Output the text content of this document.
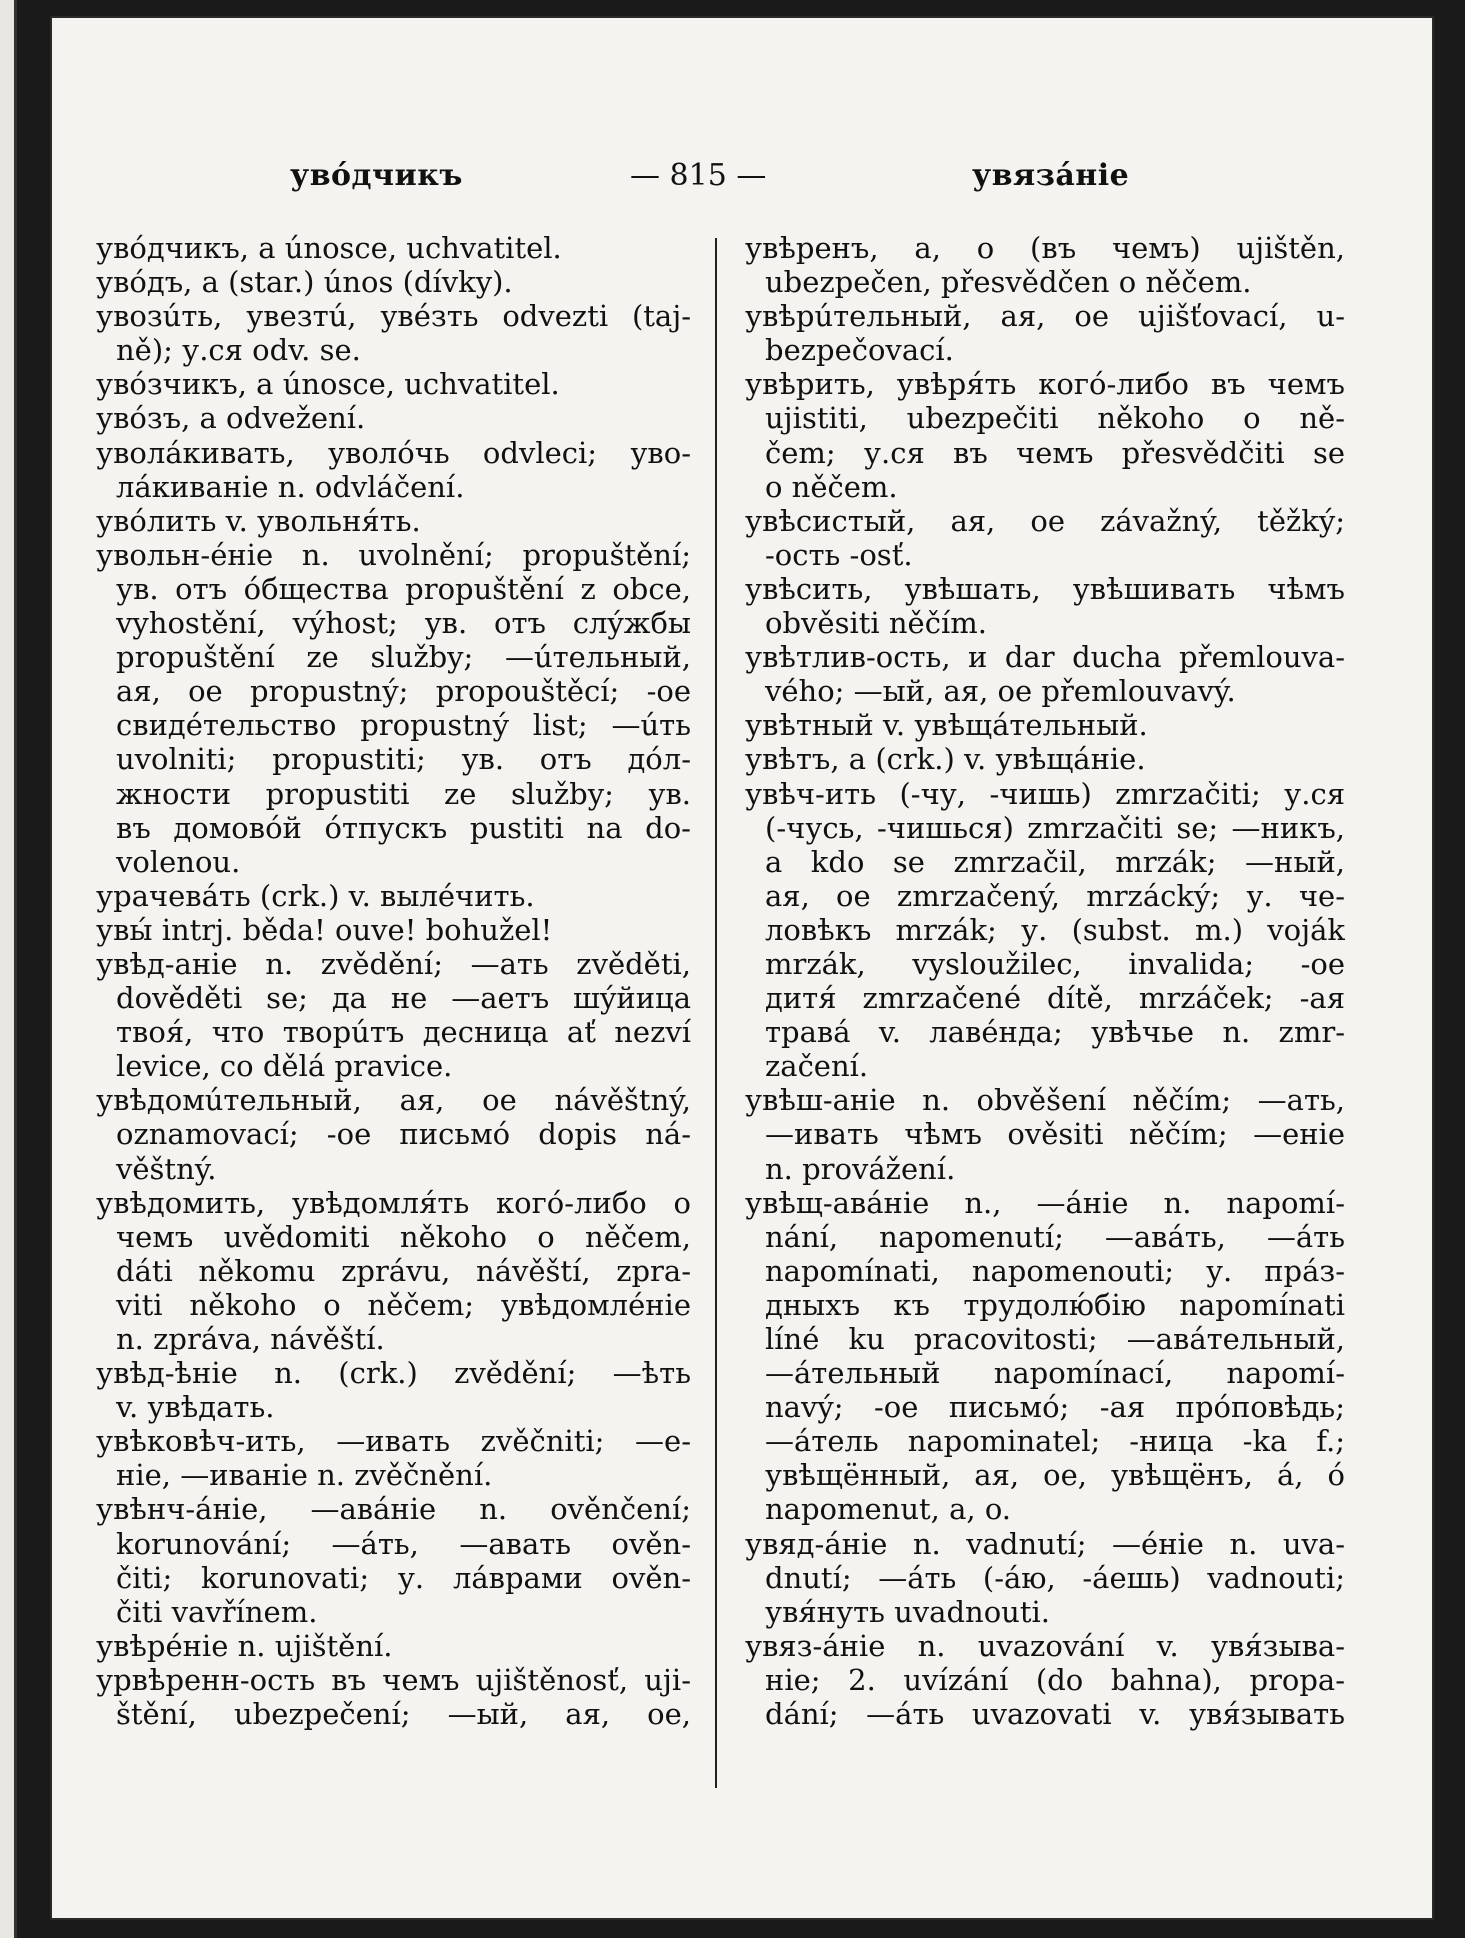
увóдчикъ	— 815 —	увязáніе
увóдчикъ, a únosce, uchvatitel.
увóдъ, a (star.) únos (dívky).
увозúть, увезтú, увéзть odvezti (taj-
ně); у.ся odv. se.
увóзчикъ, a únosce, uchvatitel.
увóзъ, a odvežení.
уволáкивать, уволóчь odvleci; уво-
лáкиваніе n. odvláčení.
увóлить v. увольня́ть.
увольн-éніе n. uvolnění; propuštění;
ув. отъ óбщества propuštění z obce,
vyhostění, výhost; ув. отъ слýжбы
propuštění ze služby; —úтельный,
ая, ое propustný; propouštěcí; -ое
свидéтельство propustný list; —úть
uvolniti; propustiti; ув. отъ дóл-
жности propustiti ze služby; ув.
въ домовóй óтпускъ pustiti na do-
volenou.
урачевáть (crk.) v. вылéчить.
увы́ intrj. běda! ouve! bohužel!
увѣд-аніе n. zvědění; —ать zvěděti,
dověděti se; да не —аетъ шýйица
твоя́, что творúтъ десница ať nezví
levice, co dělá pravice.
увѣдомúтельный, ая, ое návěštný,
oznamovací; -ое письмó dopis ná-
věštný.
увѣдомить, увѣдомля́ть когó-либо о
чемъ uvědomiti někoho o něčem,
dáti někomu zprávu, návěští, zpra-
viti někoho o něčem; увѣдомлéніе
n. zpráva, návěští.
увѣд-ѣніе n. (crk.) zvědění; —ѣть
v. увѣдать.
увѣковѣч-ить, —ивать zvěčniti; —е-
ніе, —иваніе n. zvěčnění.
увѣнч-áніе, —авáніе n. ověnčení;
korunování; —áть, —авать ověn-
čiti; korunovati; у. лáврами ověn-
čiti vavřínem.
увѣрéніе n. ujištění.
урвѣренн-ость въ чемъ ujištěnosť, uji-
štění, ubezpečení; —ый, ая, ое,
увѣренъ, а, о (въ чемъ) ujištěn,
ubezpečen, přesvědčen o něčem.
увѣрúтельный, ая, ое ujišťovací, u-
bezpečovací.
увѣрить, увѣря́ть когó-либо въ чемъ
ujistiti, ubezpečiti někoho o ně-
čem; у.ся въ чемъ přesvědčiti se
o něčem.
увѣсистый, ая, ое závažný, těžký;
-ость -osť.
увѣсить, увѣшать, увѣшивать чѣмъ
obvěsiti něčím.
увѣтлив-ость, и dar ducha přemlouva-
vého; —ый, ая, ое přemlouvavý.
увѣтный v. увѣщáтельный.
увѣтъ, а (crk.) v. увѣщáніе.
увѣч-ить (-чу, -чишь) zmrzačiti; у.ся
(-чусь, -чишься) zmrzačiti se; —никъ,
a kdo se zmrzačil, mrzák; —ный,
ая, ое zmrzačený, mrzácký; у. че-
ловѣкъ mrzák; у. (subst. m.) voják
mrzák, vysloužilec, invalida; -ое
дитя́ zmrzačené dítě, mrzáček; -ая
травá v. лавéнда; увѣчье n. zmr-
začení.
увѣш-аніе n. obvěšení něčím; —ать,
—ивать чѣмъ ověsiti něčím; —еніе
n. provážení.
увѣщ-авáніе n., —áніе n. napomí-
nání, napomenutí; —авáть, —áть
napomínati, napomenouti; у. прáз-
дныхъ къ трудолю́бію napomínati
líné ku pracovitosti; —авáтельный,
—áтельный napomínací, napomí-
navý; -ое письмó; -ая прóповѣдь;
—áтель napominatel; -ница -ka f.;
увѣщённый, ая, ое, увѣщёнъ, á, ó
napomenut, a, o.
увяд-áніе n. vadnutí; —éніе n. uva-
dnutí; —áть (-áю, -áешь) vadnouti;
увя́нуть uvadnouti.
увяз-áніе n. uvazování v. увя́зыва-
ніе; 2. uvízání (do bahna), propa-
dání; —áть uvazovati v. увя́зывать
